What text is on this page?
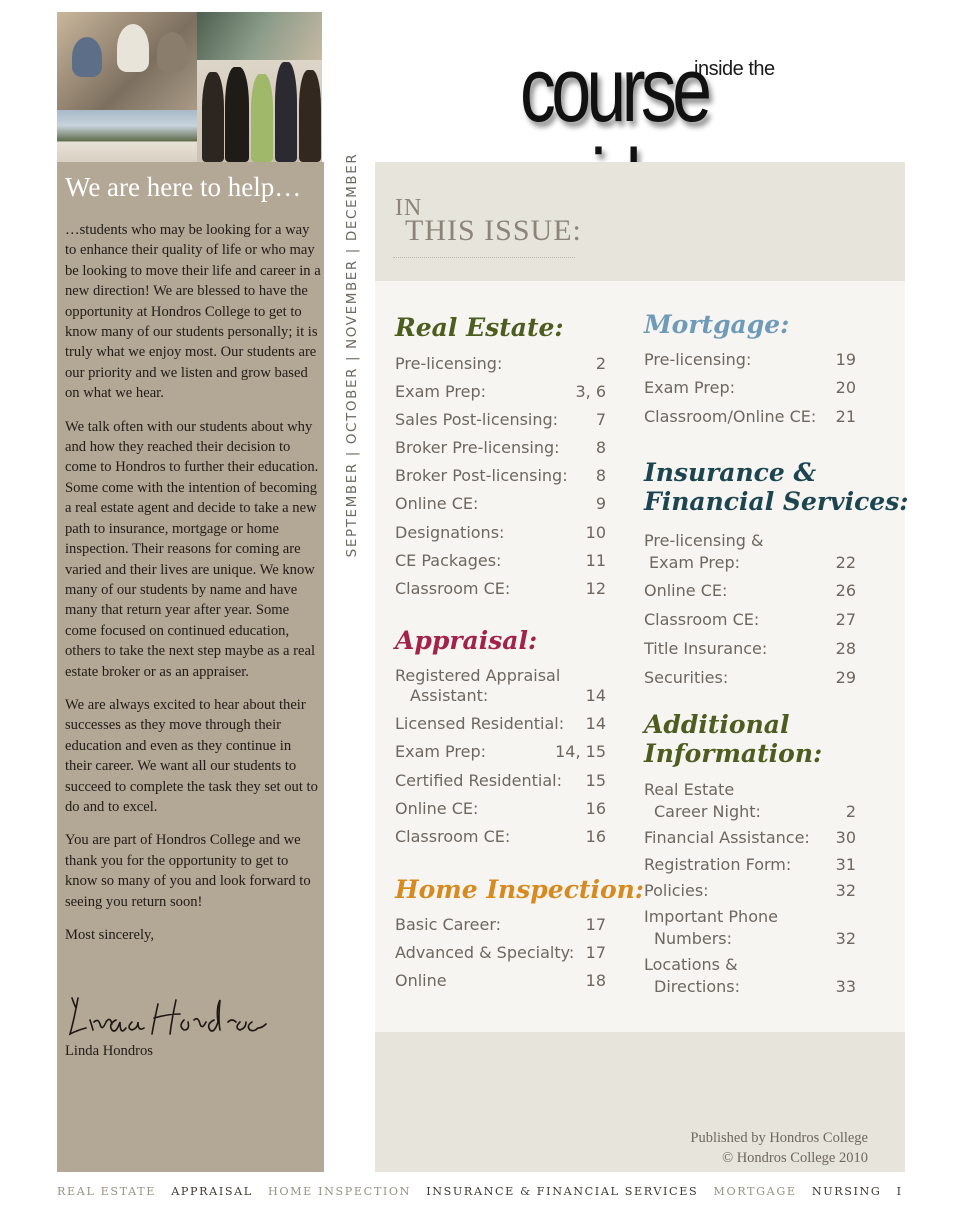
inside the
course
We are here to help…

…students who may be looking for a way to enhance their quality of life or who may be looking to move their life and career in a new direction! We are blessed to have the opportunity at Hondros College to get to know many of our students personally; it is truly what we enjoy most. Our students are our priority and we listen and grow based on what we hear.

We talk often with our students about why and how they reached their decision to come to Hondros to further their education. Some come with the intention of becoming a real estate agent and decide to take a new path to insurance, mortgage or home inspection. Their reasons for coming are varied and their lives are unique. We know many of our students by name and have many that return year after year. Some come focused on continued education, others to take the next step maybe as a real estate broker or as an appraiser.

We are always excited to hear about their successes as they move through their education and even as they continue in their career. We want all our students to succeed to complete the task they set out to do and to excel.

You are part of Hondros College and we thank you for the opportunity to get to know so many of you and look forward to seeing you return soon!

Most sincerely,

Linda Hondros
SEPTEMBER | OCTOBER | NOVEMBER | DECEMBER IN
THIS ISSUE:
Real Estate:
Pre-licensing:	2
Exam Prep:	3, 6
Sales Post-licensing:	7
Broker Pre-licensing:	8
Broker Post-licensing:	8
Online CE:	9
Designations:	10
CE Packages:	11
Classroom CE:	12
Appraisal:
Registered Appraisal
Assistant:	14
Licensed Residential:	14
Exam Prep:	14, 15
Certified Residential:	15
Online CE:	16
Classroom CE:	16
Home Inspection:
Basic Career:	17
Advanced & Specialty: 17
Online	18
Mortgage:
Pre-licensing:	19
Exam Prep:	20
Classroom/Online CE:	21
Insurance &
Financial Services:
Pre-licensing &
Exam Prep:	22
Online CE:	26
Classroom CE:	27
Title Insurance:	28
Securities:	29
Additional
Information:
Real Estate
Career Night:	2
Financial Assistance:	30
Registration Form:	31
Policies:	32
Important Phone
Numbers:	32
Locations &
Directions:	33
Published by Hondros College
© Hondros College 2010
REAL ESTATE APPRAISAL HOME INSPECTION INSURANCE & FINANCIAL SERVICES MORTGAGE NURSING I
